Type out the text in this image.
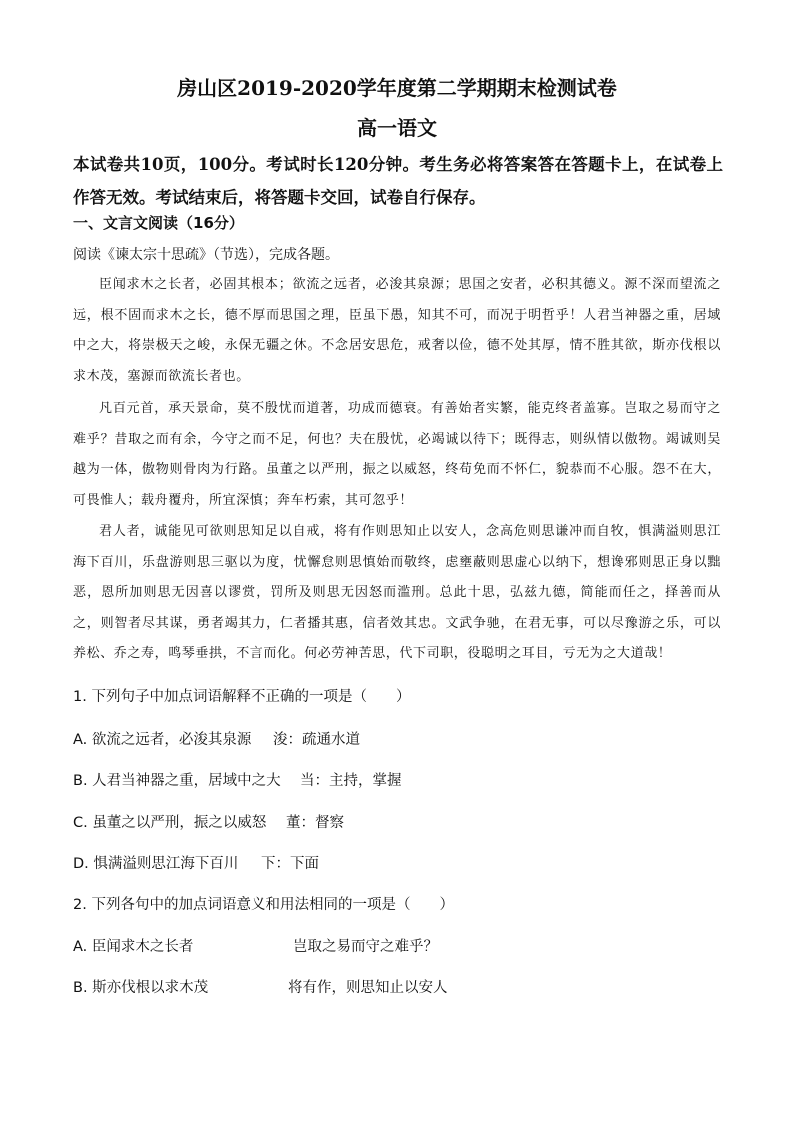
房山区2019-2020学年度第二学期期末检测试卷
高一语文
本试卷共10页，100分。考试时长120分钟。考生务必将答案答在答题卡上，在试卷上作答无效。考试结束后，将答题卡交回，试卷自行保存。
一、文言文阅读（16分）
阅读《谏太宗十思疏》（节选），完成各题。
臣闻求木之长者，必固其根本；欲流之远者，必浚其泉源；思国之安者，必积其德义。源不深而望流之远，根不固而求木之长，德不厚而思国之理，臣虽下愚，知其不可，而况于明哲乎！人君当神器之重，居域中之大，将崇极天之峻，永保无疆之休。不念居安思危，戒奢以俭，德不处其厚，情不胜其欲，斯亦伐根以求木茂，塞源而欲流长者也。
凡百元首，承天景命，莫不殷忧而道著，功成而德衰。有善始者实繁，能克终者盖寡。岂取之易而守之难乎？昔取之而有余，今守之而不足，何也？夫在殷忧，必竭诚以待下；既得志，则纵情以傲物。竭诚则吴越为一体，傲物则骨肉为行路。虽董之以严刑，振之以威怒，终苟免而不怀仁，貌恭而不心服。怨不在大，可畏惟人；载舟覆舟，所宜深慎；奔车朽索，其可忽乎！
君人者，诚能见可欲则思知足以自戒，将有作则思知止以安人，念高危则思谦冲而自牧，惧满溢则思江海下百川，乐盘游则思三驱以为度，忧懈怠则思慎始而敬终，虑壅蔽则思虚心以纳下，想谗邪则思正身以黜恶，恩所加则思无因喜以谬赏，罚所及则思无因怒而滥刑。总此十思，弘兹九德，简能而任之，择善而从之，则智者尽其谋，勇者竭其力，仁者播其惠，信者效其忠。文武争驰，在君无事，可以尽豫游之乐，可以养松、乔之寿，鸣琴垂拱，不言而化。何必劳神苦思，代下司职，役聪明之耳目，亏无为之大道哉！
1. 下列句子中加点词语解释不正确的一项是（　　）
A. 欲流之远者，必浚其泉源 浚：疏通水道
B. 人君当神器之重，居域中之大 当：主持，掌握
C. 虽董之以严刑，振之以威怒 董：督察
D. 惧满溢则思江海下百川 下：下面
2. 下列各句中的加点词语意义和用法相同的一项是（　　）
A. 臣闻求木之长者	岂取之易而守之难乎？
B. 斯亦伐根以求木茂	将有作，则思知止以安人
